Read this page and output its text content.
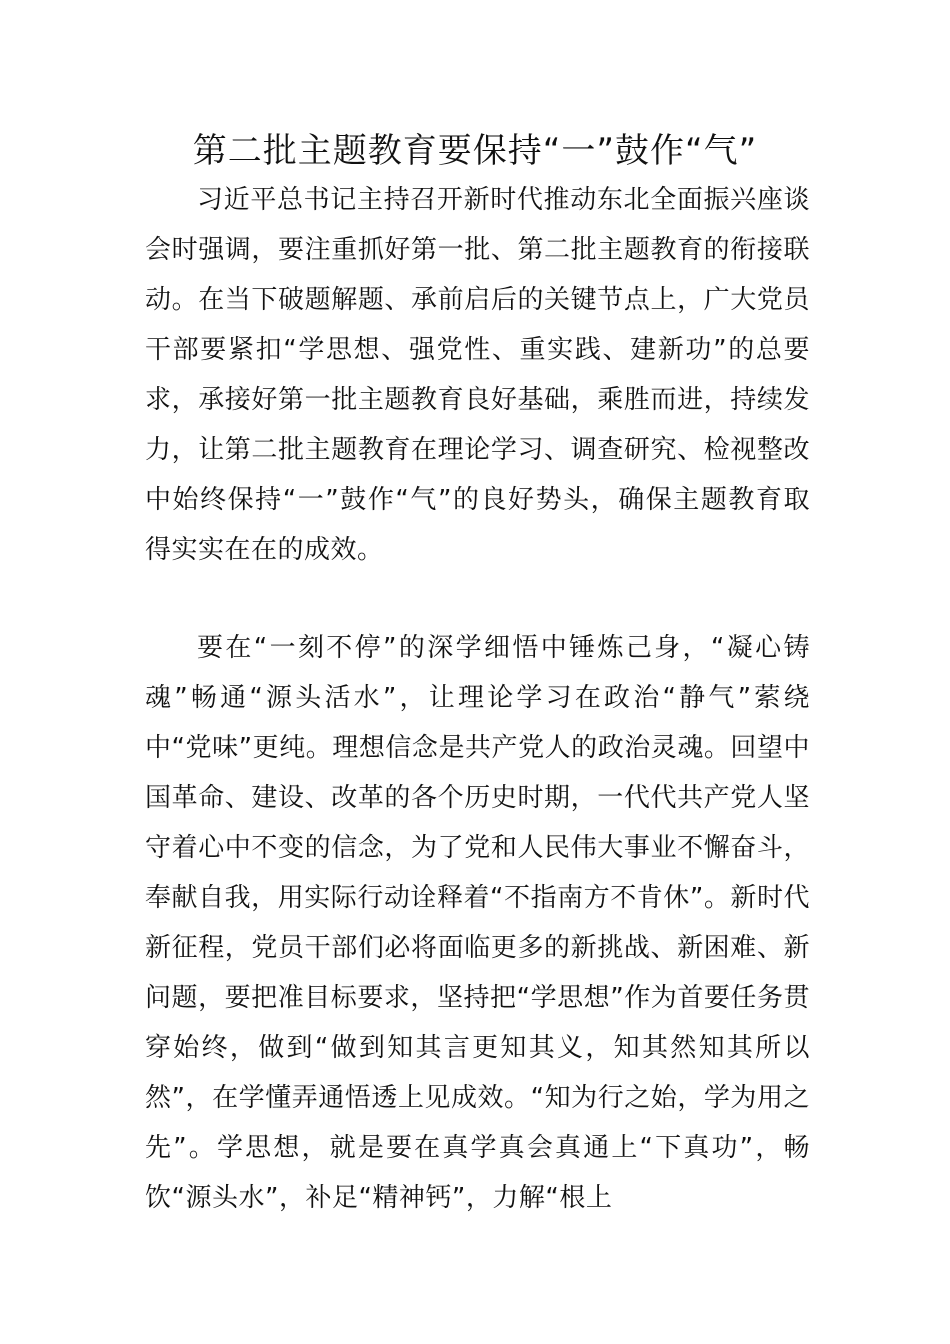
第二批主题教育要保持“一”鼓作“气”

习近平总书记主持召开新时代推动东北全面振兴座谈会时强调，要注重抓好第一批、第二批主题教育的衔接联动。在当下破题解题、承前启后的关键节点上，广大党员干部要紧扣“学思想、强党性、重实践、建新功”的总要求，承接好第一批主题教育良好基础，乘胜而进，持续发力，让第二批主题教育在理论学习、调查研究、检视整改中始终保持“一”鼓作“气”的良好势头，确保主题教育取得实实在在的成效。

要在“一刻不停”的深学细悟中锤炼己身，“凝心铸魂”畅通“源头活水”，让理论学习在政治“静气”萦绕中“党味”更纯。理想信念是共产党人的政治灵魂。回望中国革命、建设、改革的各个历史时期，一代代共产党人坚守着心中不变的信念，为了党和人民伟大事业不懈奋斗，奉献自我，用实际行动诠释着“不指南方不肯休”。新时代新征程，党员干部们必将面临更多的新挑战、新困难、新问题，要把准目标要求，坚持把“学思想”作为首要任务贯穿始终，做到“做到知其言更知其义，知其然知其所以然”，在学懂弄通悟透上见成效。“知为行之始，学为用之先”。学思想，就是要在真学真会真通上“下真功”，畅饮“源头水”，补足“精神钙”，力解“根上
